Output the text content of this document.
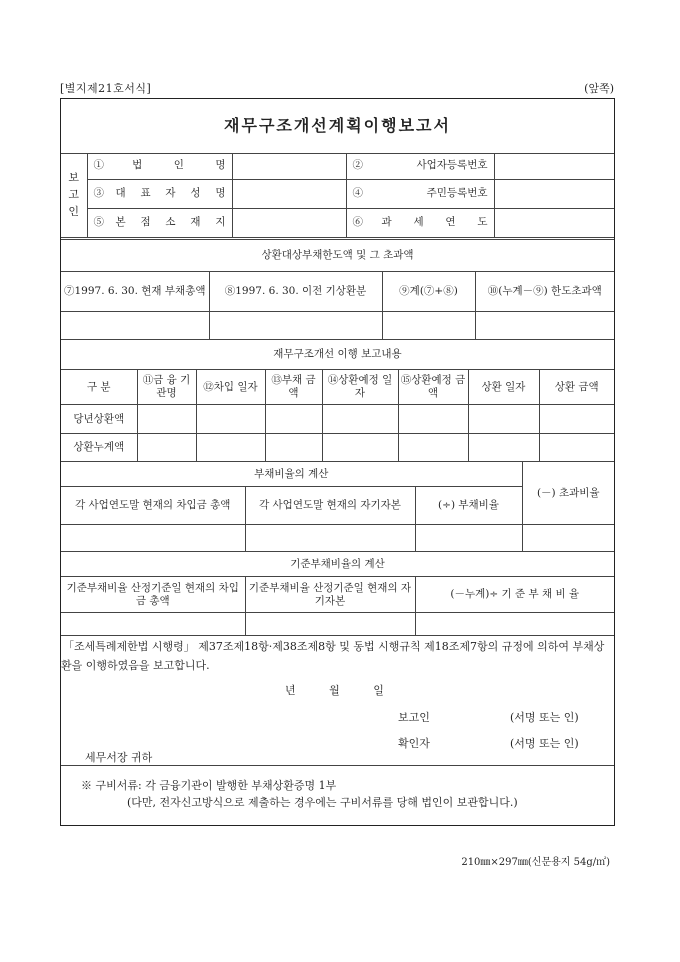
[별지제21호서식]	(앞쪽)
재무구조개선계획이행보고서
보
고
인	①법 인 명		②사업자등록번호	
	③대 표 자 성 명		④주민등록번호	
	⑤본 점 소 재 지		⑥과 세 연 도	
상환대상부채한도액 및 그 초과액			
⑦1997. 6. 30. 현재 부채총액	⑧1997. 6. 30. 이전 기상환분	⑨계(⑦+⑧)	⑩(누계－⑨) 한도초과액

재무구조개선 이행 보고내용							
구 분	⑪금 융 기관명	⑫차입 일자	⑬부채 금액	⑭상환예정 일 자	⑮상환예정 금 액	상환 일자	상환 금액
당년상환액							
상환누계액							
부채비율의 계산			(－) 초과비율
각 사업연도말 현재의 차입금 총액	각 사업연도말 현재의 자기자본	(÷) 부채비율	

기준부채비율의 계산		
기준부채비율 산정기준일 현재의 차입금 총액	기준부채비율 산정기준일 현재의 자기자본	(－누계)÷ 기 준 부 채 비 율

「조세특례제한법 시행령」 제37조제18항·제38조제8항 및 동법 시행규칙 제18조제7항의 규정에 의하여 부채상환을 이행하였음을 보고합니다.

년 월 일
보고인	(서명 또는 인)
확인자	(서명 또는 인)
세무서장 귀하
※ 구비서류: 각 금융기관이 발행한 부채상환증명 1부
(다만, 전자신고방식으로 제출하는 경우에는 구비서류를 당해 법인이 보관합니다.)
210㎜×297㎜(신문용지 54g/㎡)
